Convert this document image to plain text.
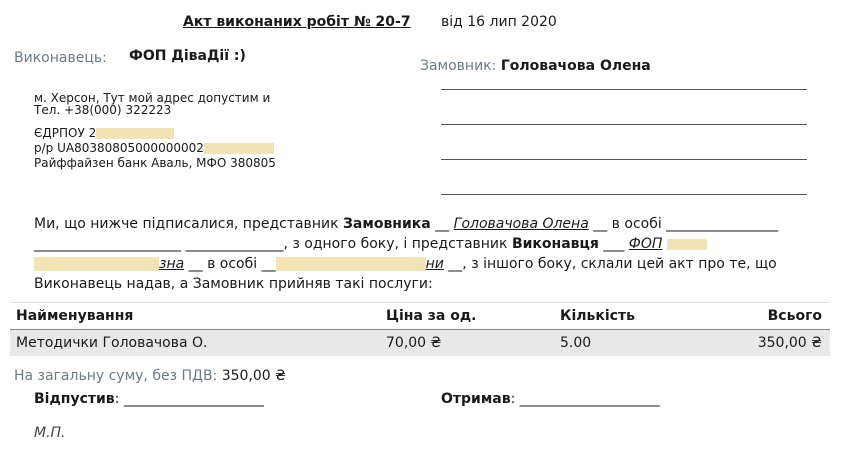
Акт виконаних робіт № 20-7 від 16 лип 2020
Виконавець: ФОП ДіваДії :)
Замовник: Головачова Олена
м. Херсон, Тут мой адрес допустим и
Тел. +38(000) 322223
ЄДРПОУ 2
р/р UA80380805000000002
Райффайзен банк Аваль, МФО 380805
Ми, що нижче підписалися, представник Замовника __ Головачова Олена __ в особі ________________
_____________________ ______________, з одного боку, і представник Виконавця ___ ФОП
зна __ в особі __	ни __, з іншого боку, склали цей акт про те, що
Виконавець надав, а Замовник прийняв такі послуги:
Найменування	Ціна за од.	Кількість	Всього
Методички Головачова О.	70,00 ₴	5.00	350,00 ₴
На загальну суму, без ПДВ: 350,00 ₴
Відпустив: ____________________	Отримав: ____________________
М.П.
